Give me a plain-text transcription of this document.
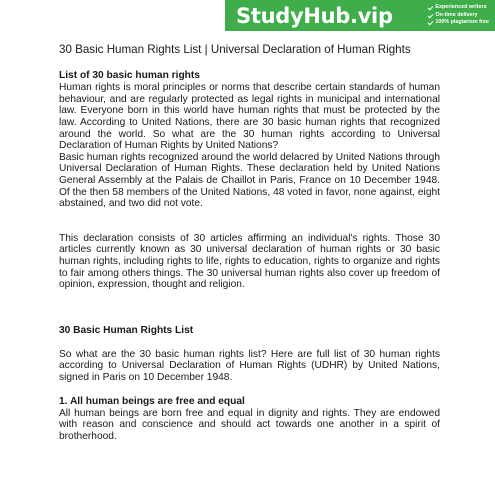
StudyHub.vip	Experienced writers
On-time delivery
100% plagiarism free
30 Basic Human Rights List | Universal Declaration of Human Rights
List of 30 basic human rights

Human rights is moral principles or norms that describe certain standards of human behaviour, and are regularly protected as legal rights in municipal and international law. Everyone born in this world have human rights that must be protected by the law. According to United Nations, there are 30 basic human rights that recognized around the world. So what are the 30 human rights according to Universal Declaration of Human Rights by United Nations?

Basic human rights recognized around the world delacred by United Nations through Universal Declaration of Human Rights. These declaration held by United Nations General Assembly at the Palais de Chaillot in Paris, France on 10 December 1948. Of the then 58 members of the United Nations, 48 voted in favor, none against, eight abstained, and two did not vote.

This declaration consists of 30 articles affirming an individual's rights. Those 30 articles currently known as 30 universal declaration of human rights or 30 basic human rights, including rights to life, rights to education, rights to organize and rights to fair among others things. The 30 universal human rights also cover up freedom of opinion, expression, thought and religion.

30 Basic Human Rights List

So what are the 30 basic human rights list? Here are full list of 30 human rights according to Universal Declaration of Human Rights (UDHR) by United Nations, signed in Paris on 10 December 1948.

1. All human beings are free and equal

All human beings are born free and equal in dignity and rights. They are endowed with reason and conscience and should act towards one another in a spirit of brotherhood.
